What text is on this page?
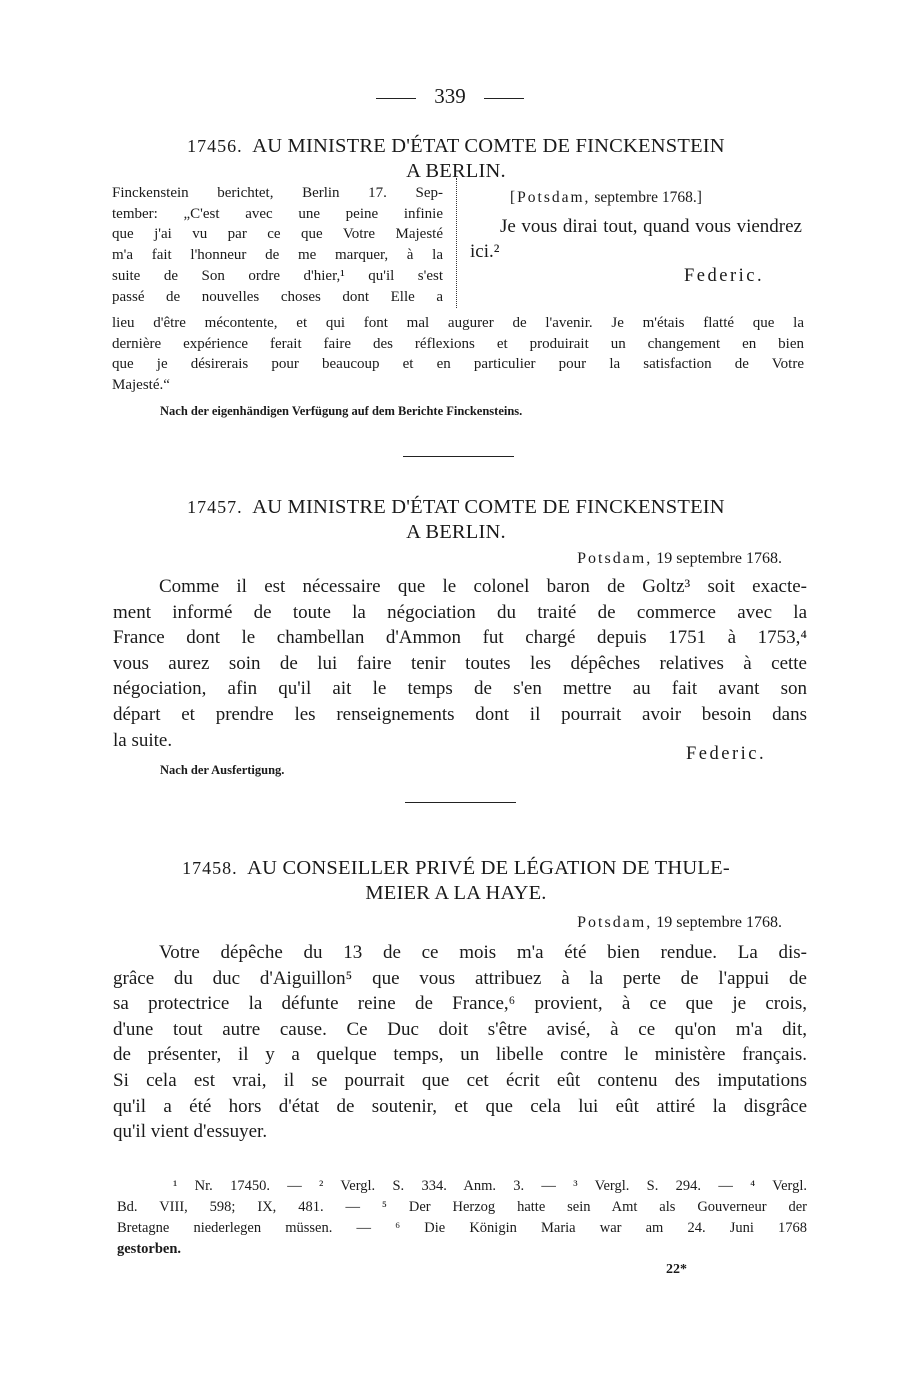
339
17456. AU MINISTRE D'ÉTAT COMTE DE FINCKENSTEIN
A BERLIN.
Finckenstein berichtet, Berlin 17. Sep-
tember: „C'est avec une peine infinie
que j'ai vu par ce que Votre Majesté
m'a fait l'honneur de me marquer, à la
suite de Son ordre d'hier,¹ qu'il s'est
passé de nouvelles choses dont Elle a
[Potsdam, septembre 1768.]
Je vous dirai tout, quand vous viendrez ici.²
Federic.
lieu d'être mécontente, et qui font mal augurer de l'avenir. Je m'étais flatté que la
dernière expérience ferait faire des réflexions et produirait un changement en bien
que je désirerais pour beaucoup et en particulier pour la satisfaction de Votre
Majesté.“
Nach der eigenhändigen Verfügung auf dem Berichte Finckensteins.
17457. AU MINISTRE D'ÉTAT COMTE DE FINCKENSTEIN
A BERLIN.
Potsdam, 19 septembre 1768.
Comme il est nécessaire que le colonel baron de Goltz³ soit exacte-
ment informé de toute la négociation du traité de commerce avec la
France dont le chambellan d'Ammon fut chargé depuis 1751 à 1753,⁴
vous aurez soin de lui faire tenir toutes les dépêches relatives à cette
négociation, afin qu'il ait le temps de s'en mettre au fait avant son
départ et prendre les renseignements dont il pourrait avoir besoin dans
la suite.
Federic.
Nach der Ausfertigung.
17458. AU CONSEILLER PRIVÉ DE LÉGATION DE THULE-
MEIER A LA HAYE.
Potsdam, 19 septembre 1768.
Votre dépêche du 13 de ce mois m'a été bien rendue. La dis-
grâce du duc d'Aiguillon⁵ que vous attribuez à la perte de l'appui de
sa protectrice la défunte reine de France,⁶ provient, à ce que je crois,
d'une tout autre cause. Ce Duc doit s'être avisé, à ce qu'on m'a dit,
de présenter, il y a quelque temps, un libelle contre le ministère français.
Si cela est vrai, il se pourrait que cet écrit eût contenu des imputations
qu'il a été hors d'état de soutenir, et que cela lui eût attiré la disgrâce
qu'il vient d'essuyer.
¹ Nr. 17450. — ² Vergl. S. 334. Anm. 3. — ³ Vergl. S. 294. — ⁴ Vergl.
Bd. VIII, 598; IX, 481. — ⁵ Der Herzog hatte sein Amt als Gouverneur der
Bretagne niederlegen müssen. — ⁶ Die Königin Maria war am 24. Juni 1768
gestorben.
22*
